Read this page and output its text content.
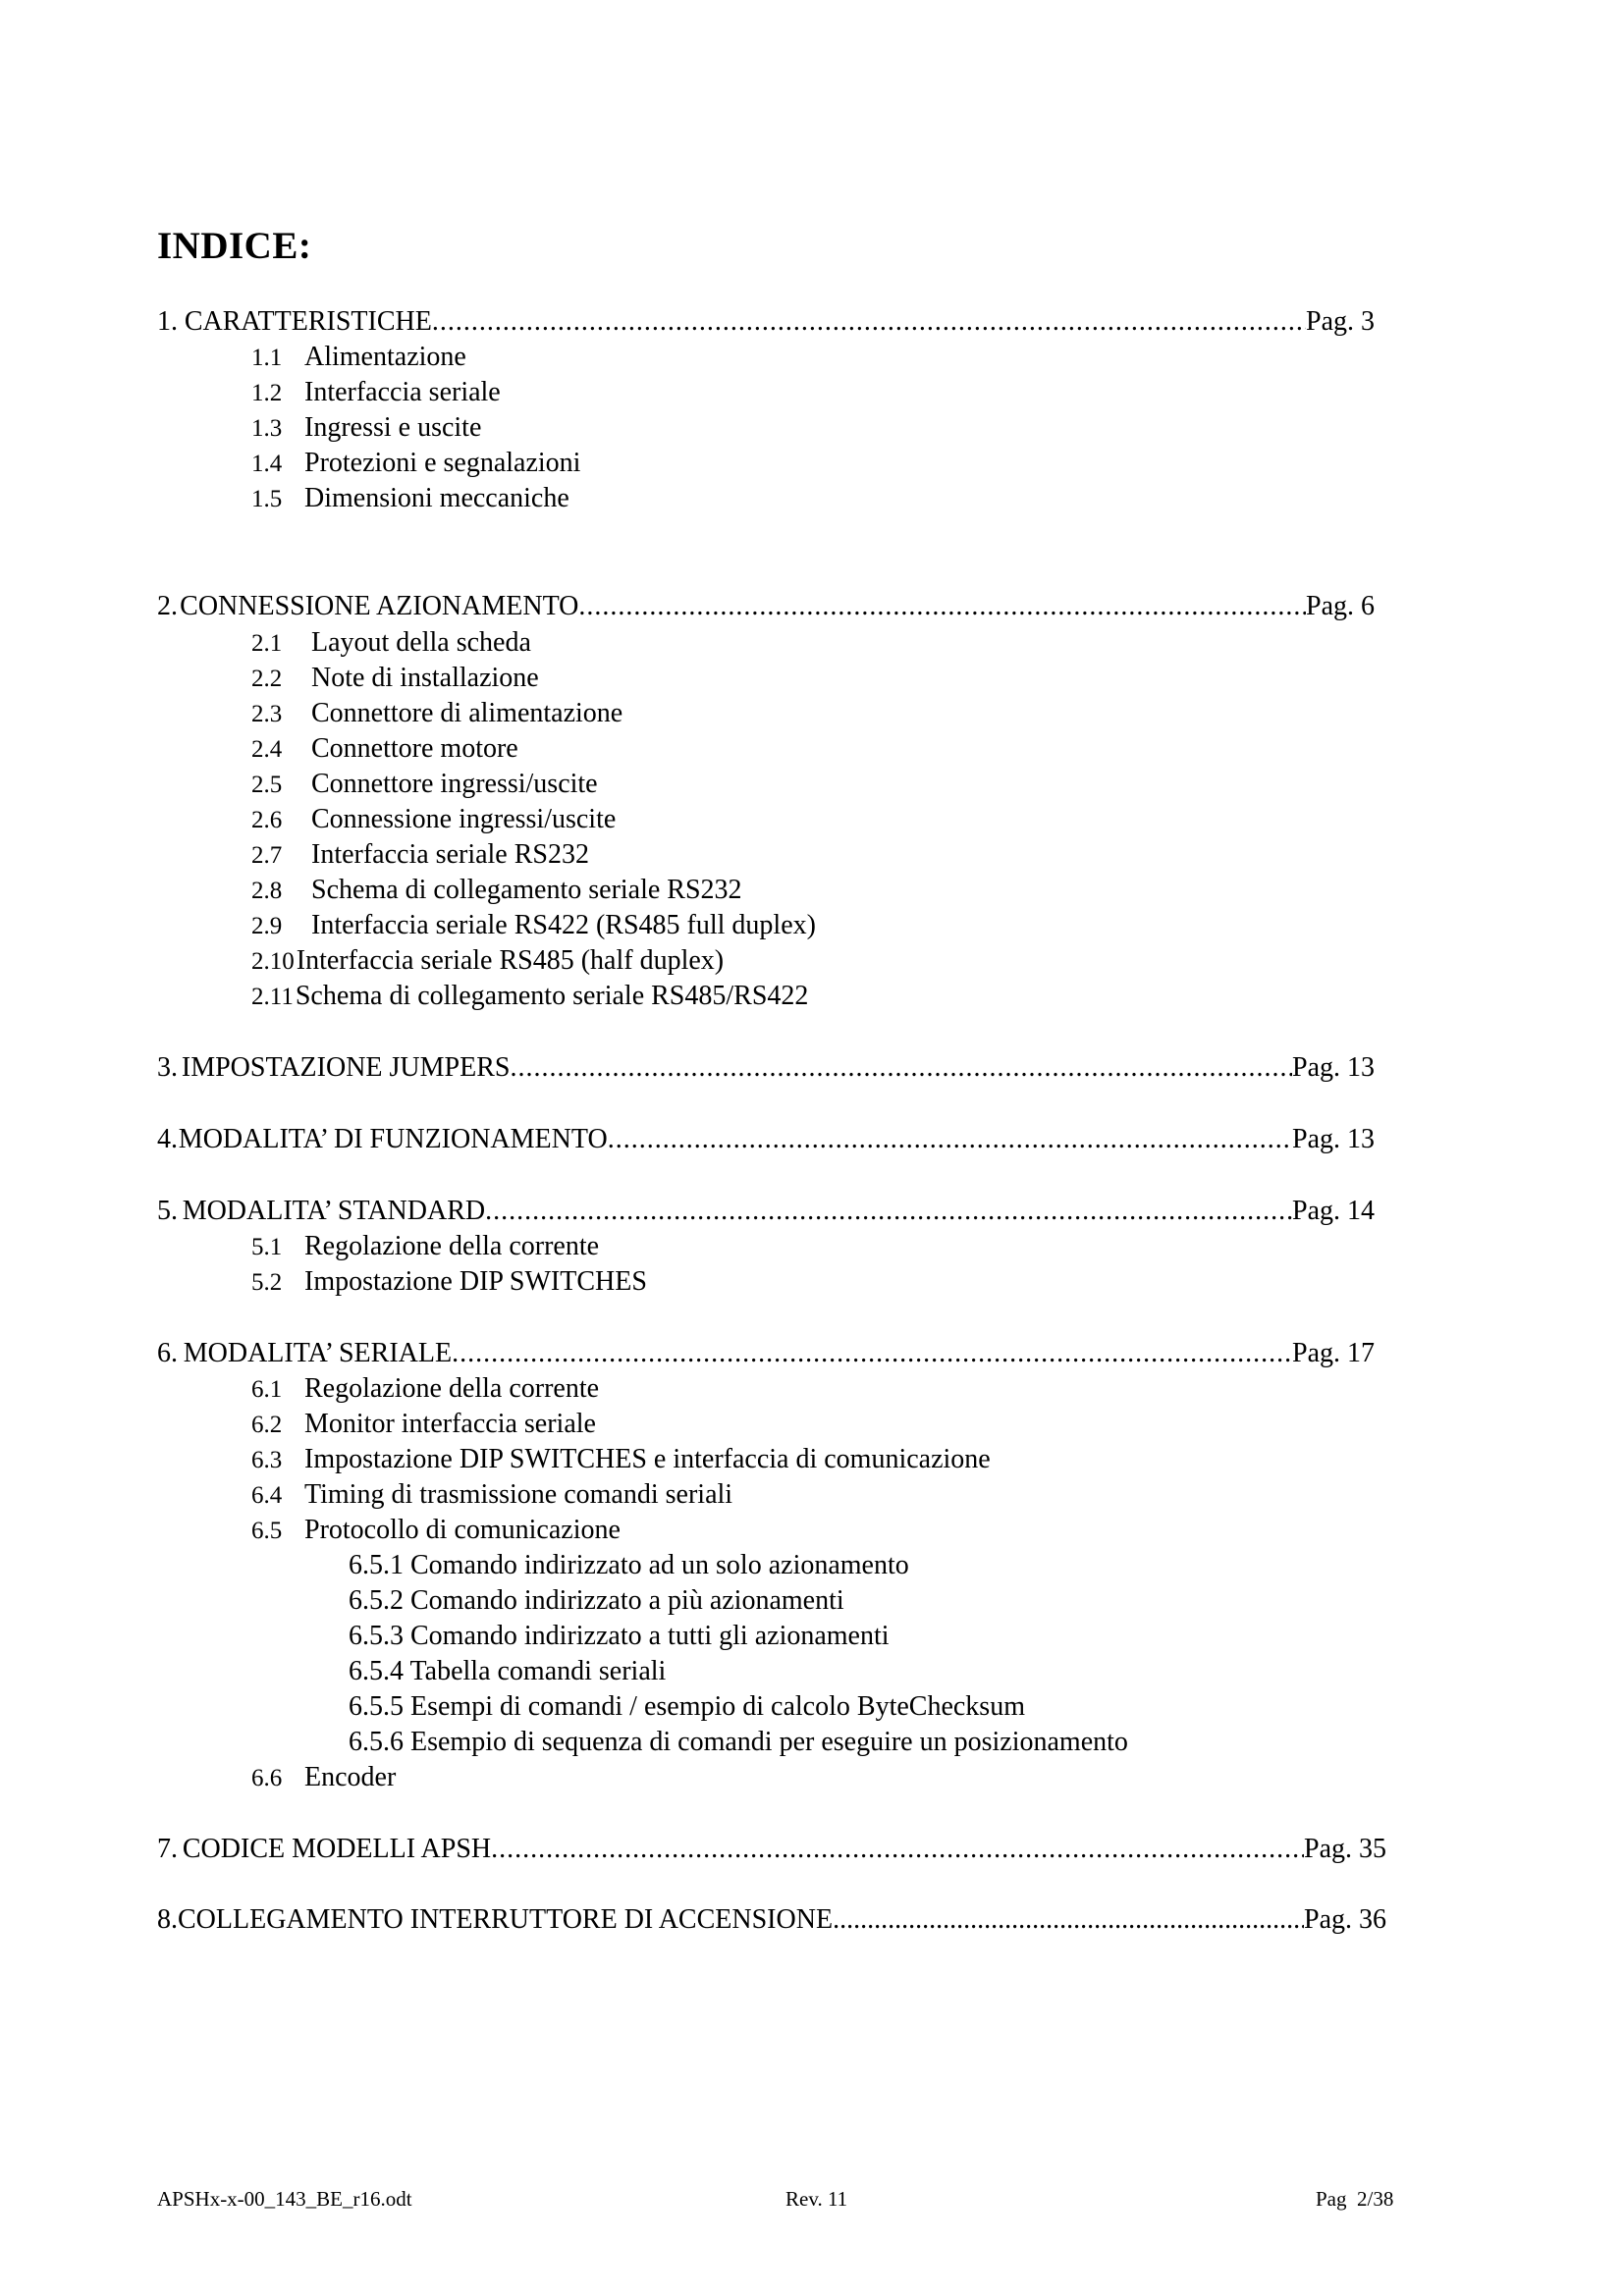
INDICE:
1. CARATTERISTICHE .....	Pag. 3
1.1 Alimentazione
1.2 Interfaccia seriale
1.3 Ingressi e uscite
1.4 Protezioni e segnalazioni
1.5 Dimensioni meccaniche
2. CONNESSIONE AZIONAMENTO .....	Pag. 6
2.1 Layout della scheda
2.2 Note di installazione
2.3 Connettore di alimentazione
2.4 Connettore motore
2.5 Connettore ingressi/uscite
2.6 Connessione ingressi/uscite
2.7 Interfaccia seriale RS232
2.8 Schema di collegamento seriale RS232
2.9 Interfaccia seriale RS422 (RS485 full duplex)
2.10Interfaccia seriale RS485 (half duplex)
2.11Schema di collegamento seriale RS485/RS422
3. IMPOSTAZIONE JUMPERS .....	Pag. 13
4. MODALITA’ DI FUNZIONAMENTO .....	Pag. 13
5. MODALITA’ STANDARD .....	Pag. 14
5.1 Regolazione della corrente
5.2 Impostazione DIP SWITCHES
6. MODALITA’ SERIALE .....	Pag. 17
6.1 Regolazione della corrente
6.2 Monitor interfaccia seriale
6.3 Impostazione DIP SWITCHES e interfaccia di comunicazione
6.4 Timing di trasmissione comandi seriali
6.5 Protocollo di comunicazione
6.5.1 Comando indirizzato ad un solo azionamento
6.5.2 Comando indirizzato a più azionamenti
6.5.3 Comando indirizzato a tutti gli azionamenti
6.5.4 Tabella comandi seriali
6.5.5 Esempi di comandi / esempio di calcolo ByteChecksum
6.5.6 Esempio di sequenza di comandi per eseguire un posizionamento
6.6 Encoder
7. CODICE MODELLI APSH .....	Pag. 35
8. COLLEGAMENTO INTERRUTTORE DI ACCENSIONE .....	Pag. 36
APSHx-x-00_143_BE_r16.odt	Rev. 11	Pag  2/38
